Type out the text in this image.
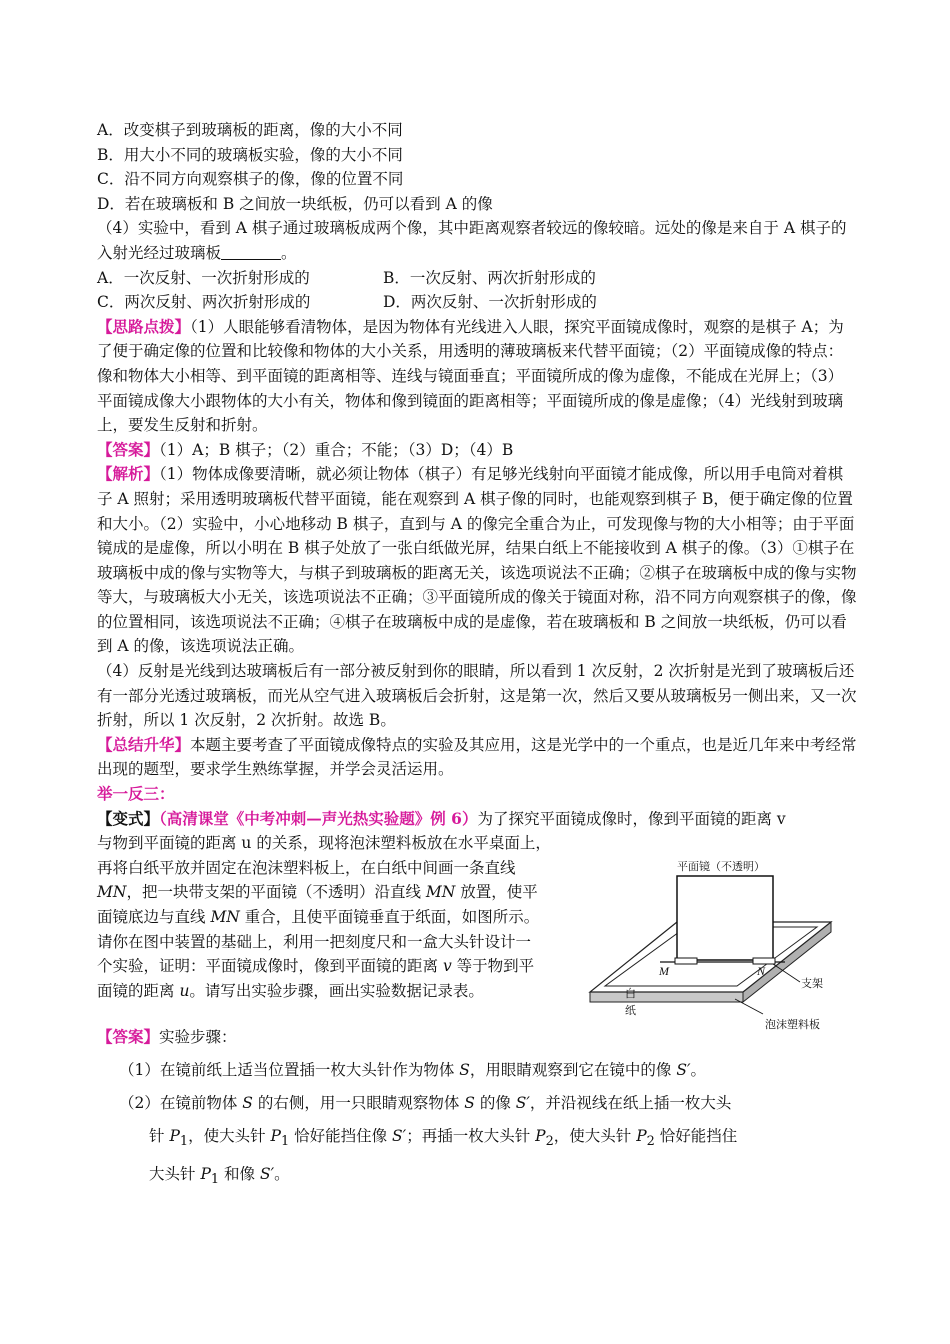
A．改变棋子到玻璃板的距离，像的大小不同

B．用大小不同的玻璃板实验，像的大小不同

C．沿不同方向观察棋子的像，像的位置不同

D．若在玻璃板和 B 之间放一块纸板，仍可以看到 A 的像

（4）实验中，看到 A 棋子通过玻璃板成两个像，其中距离观察者较远的像较暗。远处的像是来自于 A 棋子的入射光经过玻璃板	。

A．一次反射、一次折射形成的	B．一次反射、两次折射形成的
C．两次反射、两次折射形成的	D．两次反射、一次折射形成的

【思路点拨】（1）人眼能够看清物体，是因为物体有光线进入人眼，探究平面镜成像时，观察的是棋子 A；为了便于确定像的位置和比较像和物体的大小关系，用透明的薄玻璃板来代替平面镜；（2）平面镜成像的特点：像和物体大小相等、到平面镜的距离相等、连线与镜面垂直；平面镜所成的像为虚像，不能成在光屏上；（3）平面镜成像大小跟物体的大小有关，物体和像到镜面的距离相等；平面镜所成的像是虚像；（4）光线射到玻璃上，要发生反射和折射。

【答案】（1）A；B 棋子；（2）重合；不能；（3）D；（4）B

【解析】（1）物体成像要清晰，就必须让物体（棋子）有足够光线射向平面镜才能成像，所以用手电筒对着棋子 A 照射；采用透明玻璃板代替平面镜，能在观察到 A 棋子像的同时，也能观察到棋子 B，便于确定像的位置和大小。（2）实验中，小心地移动 B 棋子，直到与 A 的像完全重合为止，可发现像与物的大小相等；由于平面镜成的是虚像，所以小明在 B 棋子处放了一张白纸做光屏，结果白纸上不能接收到 A 棋子的像。（3）①棋子在玻璃板中成的像与实物等大，与棋子到玻璃板的距离无关，该选项说法不正确；②棋子在玻璃板中成的像与实物等大，与玻璃板大小无关，该选项说法不正确；③平面镜所成的像关于镜面对称，沿不同方向观察棋子的像，像的位置相同，该选项说法不正确；④棋子在玻璃板中成的是虚像，若在玻璃板和 B 之间放一块纸板，仍可以看到 A 的像，该选项说法正确。

（4）反射是光线到达玻璃板后有一部分被反射到你的眼睛，所以看到 1 次反射，2 次折射是光到了玻璃板后还有一部分光透过玻璃板，而光从空气进入玻璃板后会折射，这是第一次，然后又要从玻璃板另一侧出来，又一次折射，所以 1 次反射，2 次折射。故选 B。

【总结升华】本题主要考查了平面镜成像特点的实验及其应用，这是光学中的一个重点，也是近几年来中考经常出现的题型，要求学生熟练掌握，并学会灵活运用。

举一反三：

【变式】（高清课堂《中考冲刺—声光热实验题》例 6）为了探究平面镜成像时，像到平面镜的距离 v

与物到平面镜的距离 u 的关系，现将泡沫塑料板放在水平桌面上，

再将白纸平放并固定在泡沫塑料板上，在白纸中间画一条直线

MN，把一块带支架的平面镜（不透明）沿直线 MN 放置，使平

面镜底边与直线 MN 重合，且使平面镜垂直于纸面，如图所示。

请你在图中装置的基础上，利用一把刻度尺和一盒大头针设计一

个实验，证明：平面镜成像时，像到平面镜的距离 v 等于物到平

面镜的距离 u。请写出实验步骤，画出实验数据记录表。

【答案】实验步骤：

（1）在镜前纸上适当位置插一枚大头针作为物体 S，用眼睛观察到它在镜中的像 S′。

（2）在镜前物体 S 的右侧，用一只眼睛观察物体 S 的像 S′，并沿视线在纸上插一枚大头

针 $P_1$，使大头针 $P_1$ 恰好能挡住像 S′；再插一枚大头针 $P_2$，使大头针 $P_2$ 恰好能挡住

大头针 $P_1$ 和像 S′。

平面镜（不透明）
M	N
支架
白
纸
泡沫塑料板
